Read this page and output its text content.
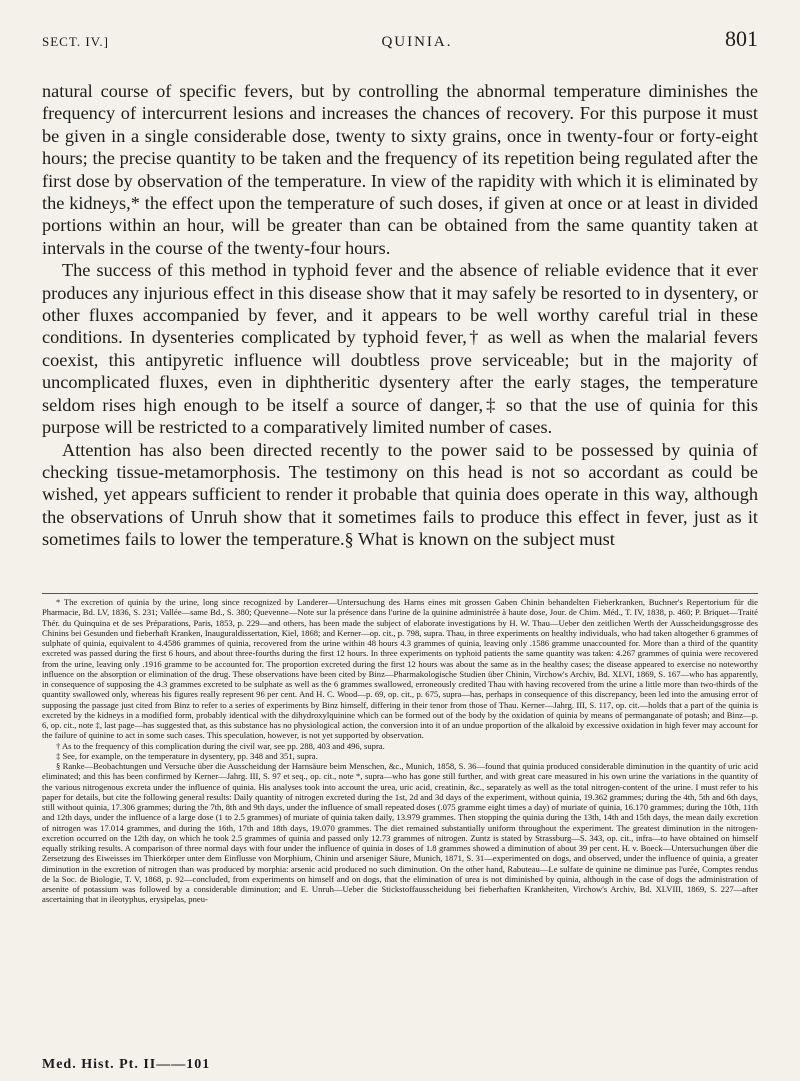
SECT. IV.]	QUINIA.	801

natural course of specific fevers, but by controlling the abnormal temperature diminishes the frequency of intercurrent lesions and increases the chances of recovery. For this purpose it must be given in a single considerable dose, twenty to sixty grains, once in twenty-four or forty-eight hours; the precise quantity to be taken and the frequency of its repetition being regulated after the first dose by observation of the temperature. In view of the rapidity with which it is eliminated by the kidneys,* the effect upon the temperature of such doses, if given at once or at least in divided portions within an hour, will be greater than can be obtained from the same quantity taken at intervals in the course of the twenty-four hours.

The success of this method in typhoid fever and the absence of reliable evidence that it ever produces any injurious effect in this disease show that it may safely be resorted to in dysentery, or other fluxes accompanied by fever, and it appears to be well worthy careful trial in these conditions. In dysenteries complicated by typhoid fever,† as well as when the malarial fevers coexist, this antipyretic influence will doubtless prove serviceable; but in the majority of uncomplicated fluxes, even in diphtheritic dysentery after the early stages, the temperature seldom rises high enough to be itself a source of danger,‡ so that the use of quinia for this purpose will be restricted to a comparatively limited number of cases.

Attention has also been directed recently to the power said to be possessed by quinia of checking tissue-metamorphosis. The testimony on this head is not so accordant as could be wished, yet appears sufficient to render it probable that quinia does operate in this way, although the observations of Unruh show that it sometimes fails to produce this effect in fever, just as it sometimes fails to lower the temperature.§ What is known on the subject must

* The excretion of quinia by the urine, long since recognized by Landerer—Untersuchung des Harns eines mit grossen Gaben Chinin behandelten Fieberkranken, Buchner's Repertorium für die Pharmacie, Bd. LV, 1836, S. 231; Vallée—same Bd., S. 380; Quevenne—Note sur la présence dans l'urine de la quinine administrée à haute dose, Jour. de Chim. Méd., T. IV, 1838, p. 460; P. Briquet—Traité Thér. du Quinquina et de ses Préparations, Paris, 1853, p. 229—and others, has been made the subject of elaborate investigations by H. W. Thau—Ueber den zeitlichen Werth der Ausscheidungsgrosse des Chinins bei Gesunden und fieberhaft Kranken, Inauguraldissertation, Kiel, 1868; and Kerner—op. cit., p. 798, supra. Thau, in three experiments on healthy individuals, who had taken altogether 6 grammes of sulphate of quinia, equivalent to 4.4586 grammes of quinia, recovered from the urine within 48 hours 4.3 grammes of quinia, leaving only .1586 gramme unaccounted for. More than a third of the quantity excreted was passed during the first 6 hours, and about three-fourths during the first 12 hours. In three experiments on typhoid patients the same quantity was taken: 4.267 grammes of quinia were recovered from the urine, leaving only .1916 gramme to be accounted for. The proportion excreted during the first 12 hours was about the same as in the healthy cases; the disease appeared to exercise no noteworthy influence on the absorption or elimination of the drug. These observations have been cited by Binz—Pharmakologische Studien über Chinin, Virchow's Archiv, Bd. XLVI, 1869, S. 167—who has apparently, in consequence of supposing the 4.3 grammes excreted to be sulphate as well as the 6 grammes swallowed, erroneously credited Thau with having recovered from the urine a little more than two-thirds of the quantity swallowed only, whereas his figures really represent 96 per cent. And H. C. Wood—p. 69, op. cit., p. 675, supra—has, perhaps in consequence of this discrepancy, been led into the amusing error of supposing the passage just cited from Binz to refer to a series of experiments by Binz himself, differing in their tenor from those of Thau. Kerner—Jahrg. III, S. 117, op. cit.—holds that a part of the quinia is excreted by the kidneys in a modified form, probably identical with the dihydroxylquinine which can be formed out of the body by the oxidation of quinia by means of permanganate of potash; and Binz—p. 6, op. cit., note ‡, last page—has suggested that, as this substance has no physiological action, the conversion into it of an undue proportion of the alkaloid by excessive oxidation in high fever may account for the failure of quinine to act in some such cases. This speculation, however, is not yet supported by observation.

† As to the frequency of this complication during the civil war, see pp. 288, 403 and 496, supra.

‡ See, for example, on the temperature in dysentery, pp. 348 and 351, supra.

§ Ranke—Beobachtungen und Versuche über die Ausscheidung der Harnsäure beim Menschen, &c., Munich, 1858, S. 36—found that quinia produced considerable diminution in the quantity of uric acid eliminated; and this has been confirmed by Kerner—Jahrg. III, S. 97 et seq., op. cit., note *, supra—who has gone still further, and with great care measured in his own urine the variations in the quantity of the various nitrogenous excreta under the influence of quinia. His analyses took into account the urea, uric acid, creatinin, &c., separately as well as the total nitrogen-content of the urine. I must refer to his paper for details, but cite the following general results: Daily quantity of nitrogen excreted during the 1st, 2d and 3d days of the experiment, without quinia, 19.362 grammes; during the 4th, 5th and 6th days, still without quinia, 17.306 grammes; during the 7th, 8th and 9th days, under the influence of small repeated doses (.075 gramme eight times a day) of muriate of quinia, 16.170 grammes; during the 10th, 11th and 12th days, under the influence of a large dose (1 to 2.5 grammes) of muriate of quinia taken daily, 13.979 grammes. Then stopping the quinia during the 13th, 14th and 15th days, the mean daily excretion of nitrogen was 17.014 grammes, and during the 16th, 17th and 18th days, 19.070 grammes. The diet remained substantially uniform throughout the experiment. The greatest diminution in the nitrogen-excretion occurred on the 12th day, on which he took 2.5 grammes of quinia and passed only 12.73 grammes of nitrogen. Zuntz is stated by Strassburg—S. 343, op. cit., infra—to have obtained on himself equally striking results. A comparison of three normal days with four under the influence of quinia in doses of 1.8 grammes showed a diminution of about 39 per cent. H. v. Boeck—Untersuchungen über die Zersetzung des Eiweisses im Thierkörper unter dem Einflusse von Morphium, Chinin und arseniger Säure, Munich, 1871, S. 31—experimented on dogs, and observed, under the influence of quinia, a greater diminution in the excretion of nitrogen than was produced by morphia: arsenic acid produced no such diminution. On the other hand, Rabuteau—Le sulfate de quinine ne diminue pas l'urée, Comptes rendus de la Soc. de Biologie, T. V, 1868, p. 92—concluded, from experiments on himself and on dogs, that the elimination of urea is not diminished by quinia, although in the case of dogs the administration of arsenite of potassium was followed by a considerable diminution; and E. Unruh—Ueber die Stickstoffausscheidung bei fieberhaften Krankheiten, Virchow's Archiv, Bd. XLVIII, 1869, S. 227—after ascertaining that in ileotyphus, erysipelas, pneu-

Med. Hist. Pt. II——101
